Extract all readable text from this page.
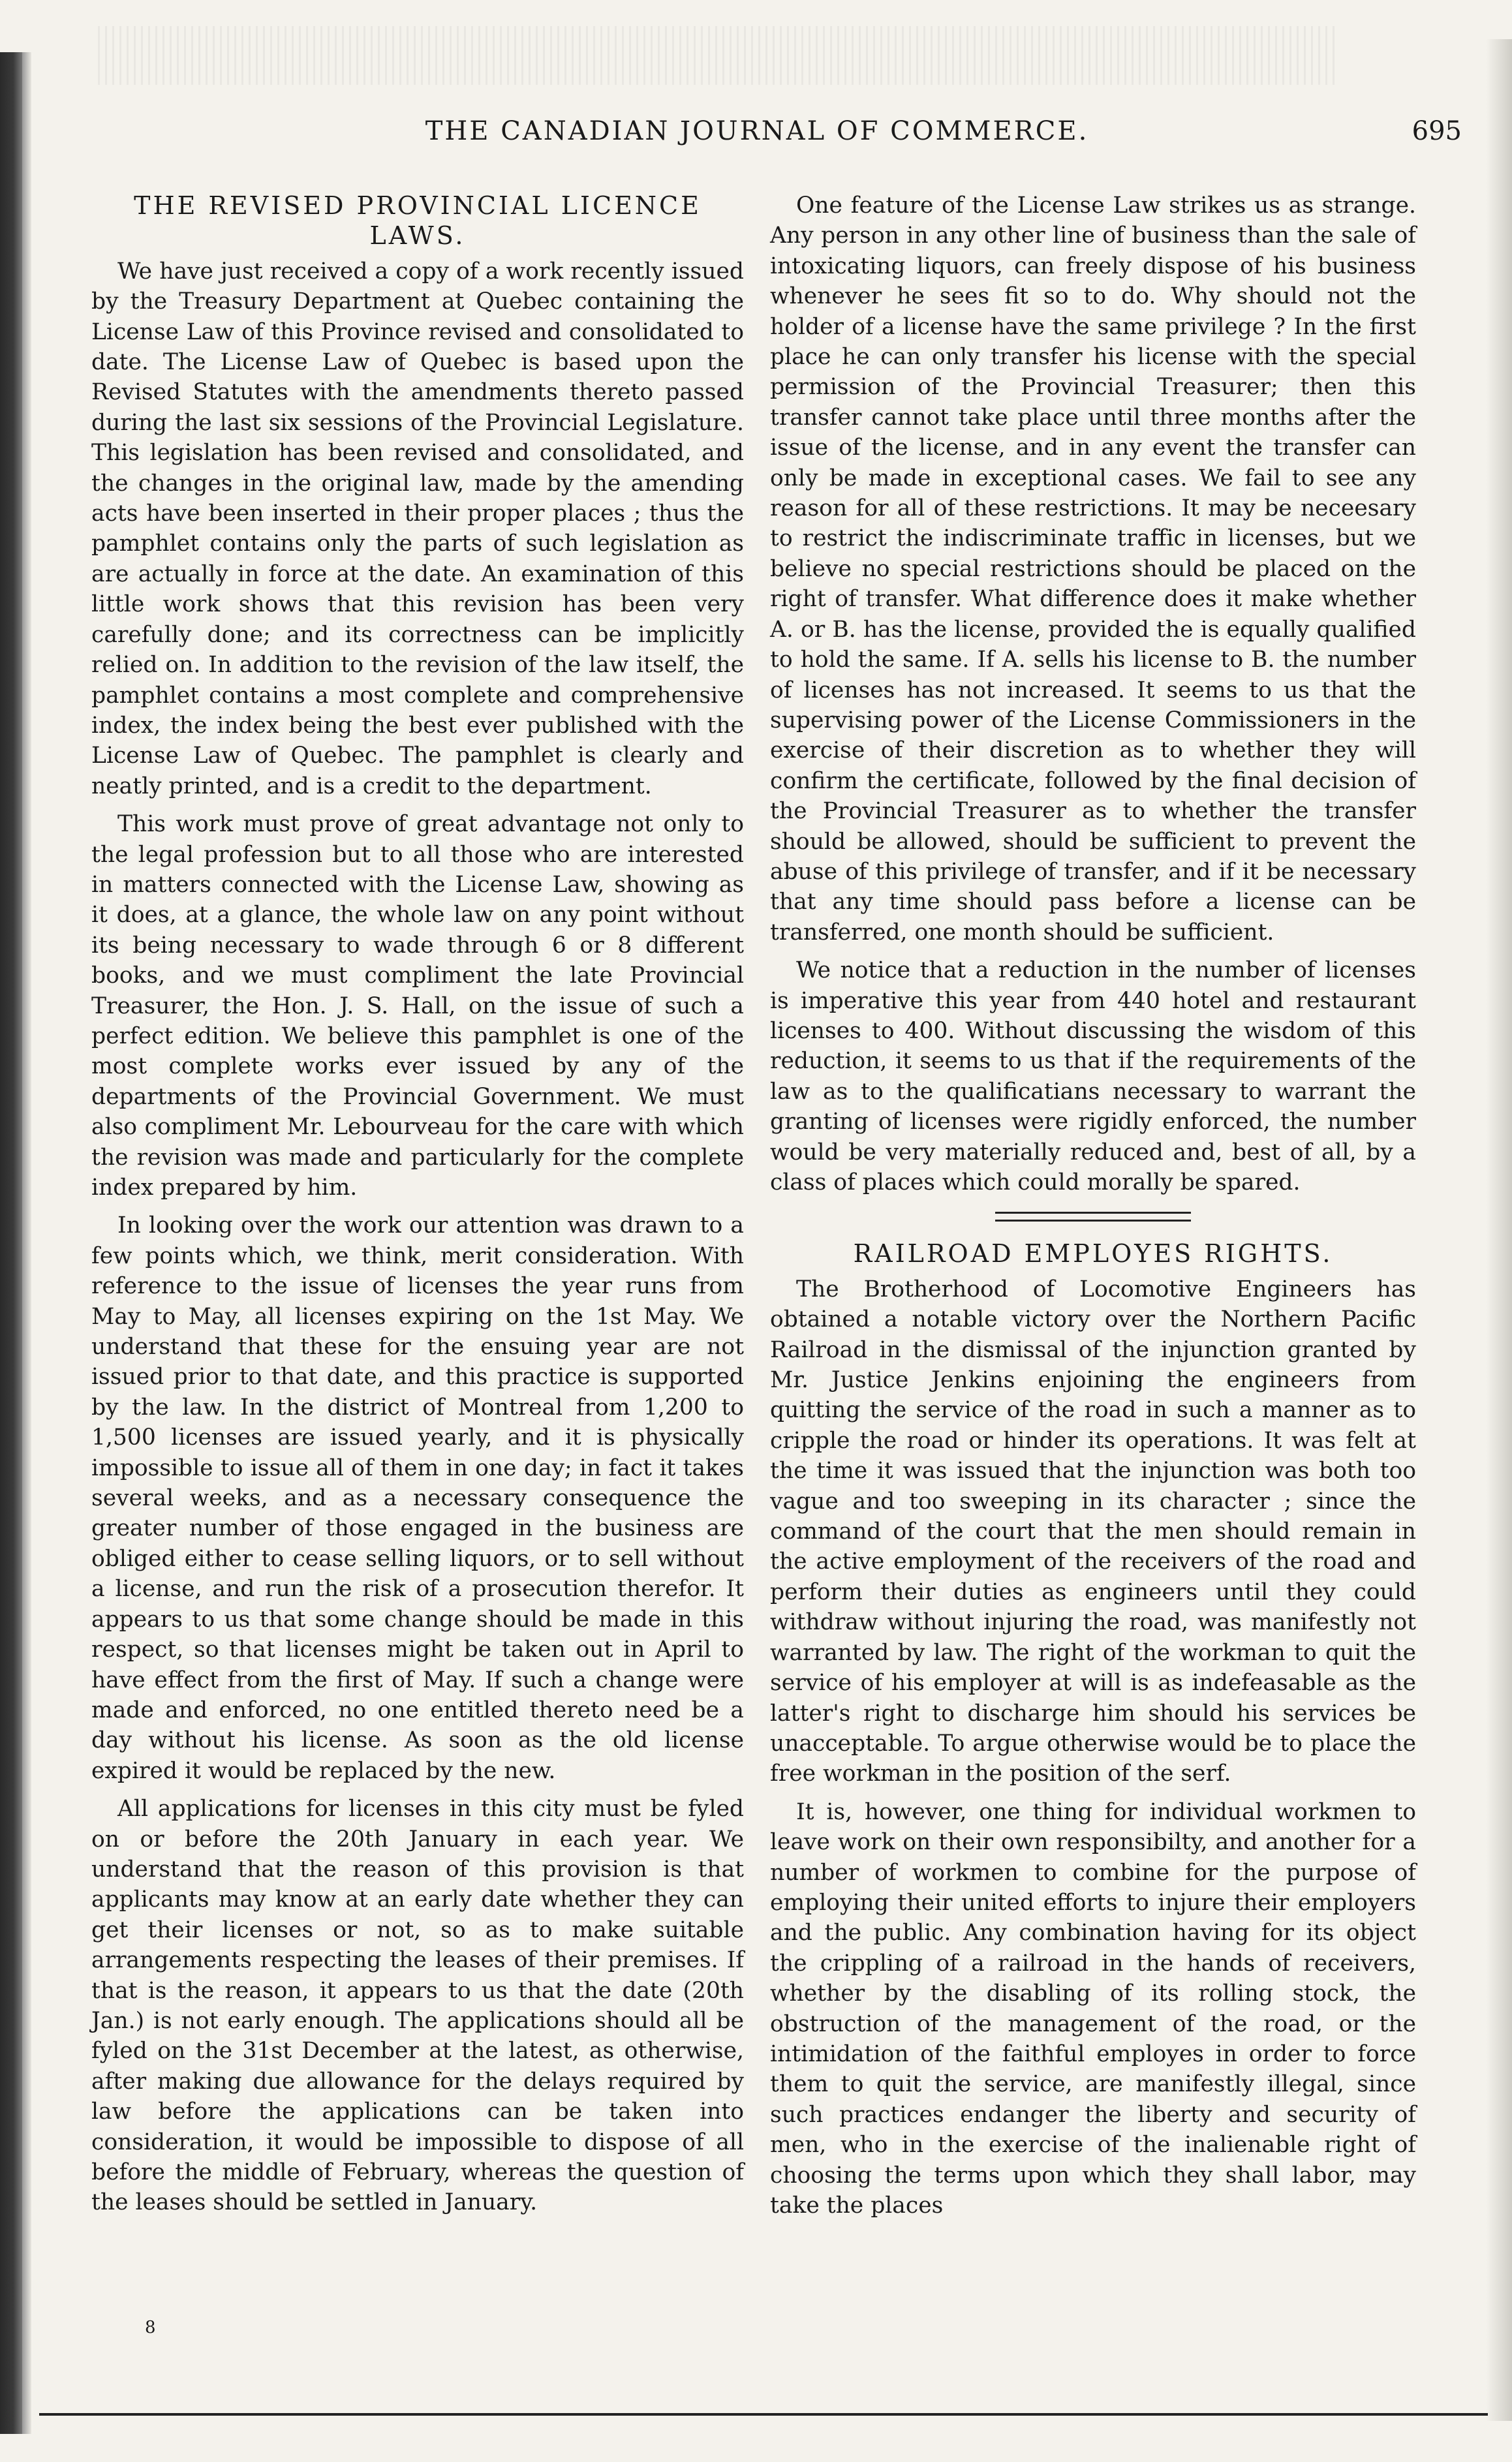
THE CANADIAN JOURNAL OF COMMERCE.	695
THE REVISED PROVINCIAL LICENCE LAWS.

We have just received a copy of a work recently issued by the Treasury Department at Quebec containing the License Law of this Province revised and consolidated to date. The License Law of Quebec is based upon the Revised Statutes with the amendments thereto passed during the last six sessions of the Provincial Legislature. This legislation has been revised and consolidated, and the changes in the original law, made by the amending acts have been inserted in their proper places ; thus the pamphlet contains only the parts of such legislation as are actually in force at the date. An examination of this little work shows that this revision has been very carefully done; and its correctness can be implicitly relied on. In addition to the revision of the law itself, the pamphlet contains a most complete and comprehensive index, the index being the best ever published with the License Law of Quebec. The pamphlet is clearly and neatly printed, and is a credit to the department.

This work must prove of great advantage not only to the legal profession but to all those who are interested in matters connected with the License Law, showing as it does, at a glance, the whole law on any point without its being necessary to wade through 6 or 8 different books, and we must compliment the late Provincial Treasurer, the Hon. J. S. Hall, on the issue of such a perfect edition. We believe this pamphlet is one of the most complete works ever issued by any of the departments of the Provincial Government. We must also compliment Mr. Lebourveau for the care with which the revision was made and particularly for the complete index prepared by him.

In looking over the work our attention was drawn to a few points which, we think, merit consideration. With reference to the issue of licenses the year runs from May to May, all licenses expiring on the 1st May. We understand that these for the ensuing year are not issued prior to that date, and this practice is supported by the law. In the district of Montreal from 1,200 to 1,500 licenses are issued yearly, and it is physically impossible to issue all of them in one day; in fact it takes several weeks, and as a necessary consequence the greater number of those engaged in the business are obliged either to cease selling liquors, or to sell without a license, and run the risk of a prosecution therefor. It appears to us that some change should be made in this respect, so that licenses might be taken out in April to have effect from the first of May. If such a change were made and enforced, no one entitled thereto need be a day without his license. As soon as the old license expired it would be replaced by the new.

All applications for licenses in this city must be fyled on or before the 20th January in each year. We understand that the reason of this provision is that applicants may know at an early date whether they can get their licenses or not, so as to make suitable arrangements respecting the leases of their premises. If that is the reason, it appears to us that the date (20th Jan.) is not early enough. The applications should all be fyled on the 31st December at the latest, as otherwise, after making due allowance for the delays required by law before the applications can be taken into consideration, it would be impossible to dispose of all before the middle of February, whereas the question of the leases should be settled in January.

One feature of the License Law strikes us as strange. Any person in any other line of business than the sale of intoxicating liquors, can freely dispose of his business whenever he sees fit so to do. Why should not the holder of a license have the same privilege ? In the first place he can only transfer his license with the special permission of the Provincial Treasurer; then this transfer cannot take place until three months after the issue of the license, and in any event the transfer can only be made in exceptional cases. We fail to see any reason for all of these restrictions. It may be neceesary to restrict the indiscriminate traffic in licenses, but we believe no special restrictions should be placed on the right of transfer. What difference does it make whether A. or B. has the license, provided the is equally qualified to hold the same. If A. sells his license to B. the number of licenses has not increased. It seems to us that the supervising power of the License Commissioners in the exercise of their discretion as to whether they will confirm the certificate, followed by the final decision of the Provincial Treasurer as to whether the transfer should be allowed, should be sufficient to prevent the abuse of this privilege of transfer, and if it be necessary that any time should pass before a license can be transferred, one month should be sufficient.

We notice that a reduction in the number of licenses is imperative this year from 440 hotel and restaurant licenses to 400. Without discussing the wisdom of this reduction, it seems to us that if the requirements of the law as to the qualificatians necessary to warrant the granting of licenses were rigidly enforced, the number would be very materially reduced and, best of all, by a class of places which could morally be spared.

RAILROAD EMPLOYES RIGHTS.

The Brotherhood of Locomotive Engineers has obtained a notable victory over the Northern Pacific Railroad in the dismissal of the injunction granted by Mr. Justice Jenkins enjoining the engineers from quitting the service of the road in such a manner as to cripple the road or hinder its operations. It was felt at the time it was issued that the injunction was both too vague and too sweeping in its character ; since the command of the court that the men should remain in the active employment of the receivers of the road and perform their duties as engineers until they could withdraw without injuring the road, was manifestly not warranted by law. The right of the workman to quit the service of his employer at will is as indefeasable as the latter's right to discharge him should his services be unacceptable. To argue otherwise would be to place the free workman in the position of the serf.

It is, however, one thing for individual workmen to leave work on their own responsibilty, and another for a number of workmen to combine for the purpose of employing their united efforts to injure their employers and the public. Any combination having for its object the crippling of a railroad in the hands of receivers, whether by the disabling of its rolling stock, the obstruction of the management of the road, or the intimidation of the faithful employes in order to force them to quit the service, are manifestly illegal, since such practices endanger the liberty and security of men, who in the exercise of the inalienable right of choosing the terms upon which they shall labor, may take the places

8
